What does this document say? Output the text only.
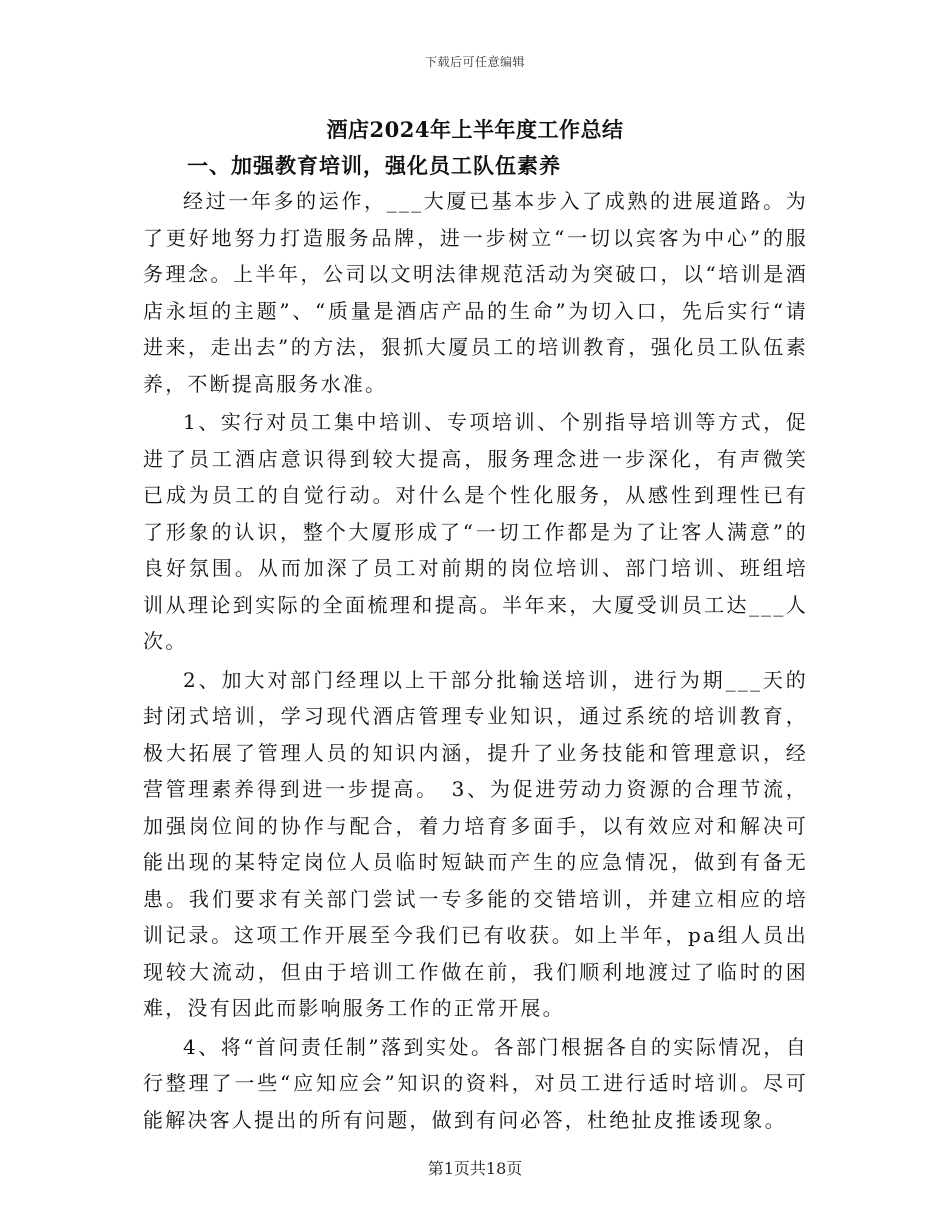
下载后可任意编辑
酒店2024年上半年度工作总结
一、加强教育培训，强化员工队伍素养

经过一年多的运作，___大厦已基本步入了成熟的进展道路。为了更好地努力打造服务品牌，进一步树立“一切以宾客为中心”的服务理念。上半年，公司以文明法律规范活动为突破口，以“培训是酒店永垣的主题”、“质量是酒店产品的生命”为切入口，先后实行“请进来，走出去”的方法，狠抓大厦员工的培训教育，强化员工队伍素养，不断提高服务水准。

1、实行对员工集中培训、专项培训、个别指导培训等方式，促进了员工酒店意识得到较大提高，服务理念进一步深化，有声微笑已成为员工的自觉行动。对什么是个性化服务，从感性到理性已有了形象的认识，整个大厦形成了“一切工作都是为了让客人满意”的良好氛围。从而加深了员工对前期的岗位培训、部门培训、班组培训从理论到实际的全面梳理和提高。半年来，大厦受训员工达___人次。

2、加大对部门经理以上干部分批输送培训，进行为期___天的封闭式培训，学习现代酒店管理专业知识，通过系统的培训教育，极大拓展了管理人员的知识内涵，提升了业务技能和管理意识，经营管理素养得到进一步提高。　3、为促进劳动力资源的合理节流，加强岗位间的协作与配合，着力培育多面手，以有效应对和解决可能出现的某特定岗位人员临时短缺而产生的应急情况，做到有备无患。我们要求有关部门尝试一专多能的交错培训，并建立相应的培训记录。这项工作开展至今我们已有收获。如上半年，pa组人员出现较大流动，但由于培训工作做在前，我们顺利地渡过了临时的困难，没有因此而影响服务工作的正常开展。

4、将“首问责任制”落到实处。各部门根据各自的实际情况，自行整理了一些“应知应会”知识的资料，对员工进行适时培训。尽可能解决客人提出的所有问题，做到有问必答，杜绝扯皮推诿现象。

第1页共18页
